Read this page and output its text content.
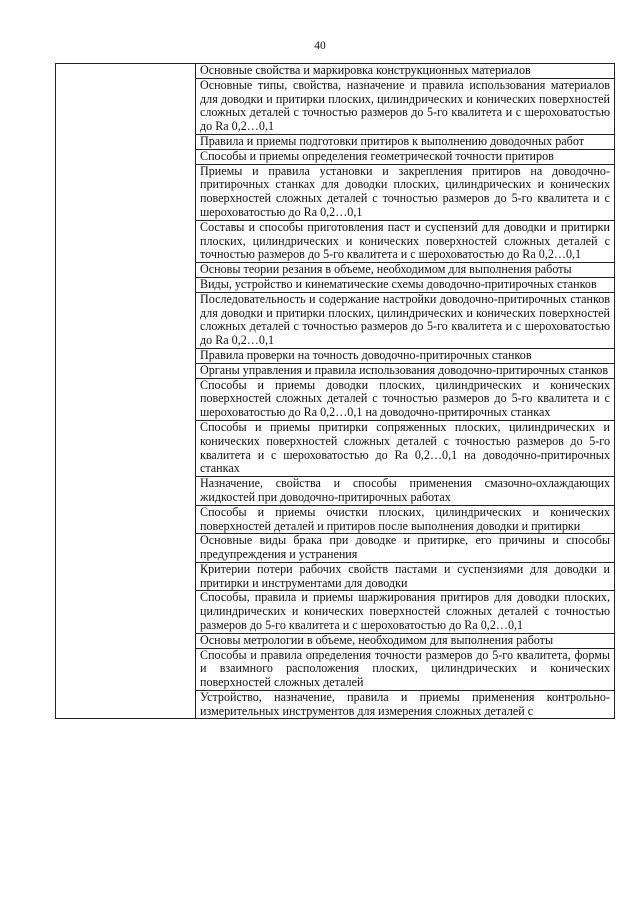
40
	Основные свойства и маркировка конструкционных материалов
Основные типы, свойства, назначение и правила использования материалов для доводки и притирки плоских, цилиндрических и конических поверхностей сложных деталей с точностью размеров до 5-го квалитета и с шероховатостью до Ra 0,2…0,1
Правила и приемы подготовки притиров к выполнению доводочных работ
Способы и приемы определения геометрической точности притиров
Приемы и правила установки и закрепления притиров на доводочно-притирочных станках для доводки плоских, цилиндрических и конических поверхностей сложных деталей с точностью размеров до 5-го квалитета и с шероховатостью до Ra 0,2…0,1
Составы и способы приготовления паст и суспензий для доводки и притирки плоских, цилиндрических и конических поверхностей сложных деталей с точностью размеров до 5-го квалитета и с шероховатостью до Ra 0,2…0,1
Основы теории резания в объеме, необходимом для выполнения работы
Виды, устройство и кинематические схемы доводочно-притирочных станков
Последовательность и содержание настройки доводочно-притирочных станков для доводки и притирки плоских, цилиндрических и конических поверхностей сложных деталей с точностью размеров до 5-го квалитета и с шероховатостью до Ra 0,2…0,1
Правила проверки на точность доводочно-притирочных станков
Органы управления и правила использования доводочно-притирочных станков
Способы и приемы доводки плоских, цилиндрических и конических поверхностей сложных деталей с точностью размеров до 5-го квалитета и с шероховатостью до Ra 0,2…0,1 на доводочно-притирочных станках
Способы и приемы притирки сопряженных плоских, цилиндрических и конических поверхностей сложных деталей с точностью размеров до 5-го квалитета и с шероховатостью до Ra 0,2…0,1 на доводочно-притирочных станках
Назначение, свойства и способы применения смазочно-охлаждающих жидкостей при доводочно-притирочных работах
Способы и приемы очистки плоских, цилиндрических и конических поверхностей деталей и притиров после выполнения доводки и притирки
Основные виды брака при доводке и притирке, его причины и способы предупреждения и устранения
Критерии потери рабочих свойств пастами и суспензиями для доводки и притирки и инструментами для доводки
Способы, правила и приемы шаржирования притиров для доводки плоских, цилиндрических и конических поверхностей сложных деталей с точностью размеров до 5-го квалитета и с шероховатостью до Ra 0,2…0,1
Основы метрологии в объеме, необходимом для выполнения работы
Способы и правила определения точности размеров до 5-го квалитета, формы и взаимного расположения плоских, цилиндрических и конических поверхностей сложных деталей

Устройство, назначение, правила и приемы применения контрольно-измерительных инструментов для измерения сложных деталей с
